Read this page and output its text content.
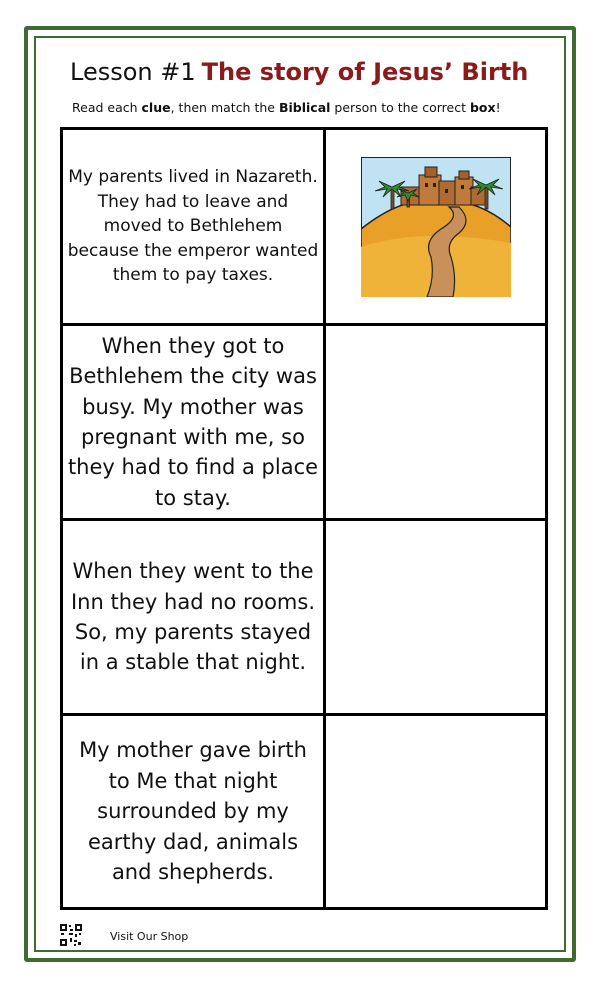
Lesson #1 The story of Jesus’ Birth
Read each clue, then match the Biblical person to the correct box!
My parents lived in Nazareth. They had to leave and moved to Bethlehem because the emperor wanted them to pay taxes.

When they got to Bethlehem the city was busy. My mother was pregnant with me, so they had to find a place to stay.	

When they went to the Inn they had no rooms. So, my parents stayed in a stable that night.	

My mother gave birth to Me that night surrounded by my earthy dad, animals and shepherds.	

Visit Our Shop
